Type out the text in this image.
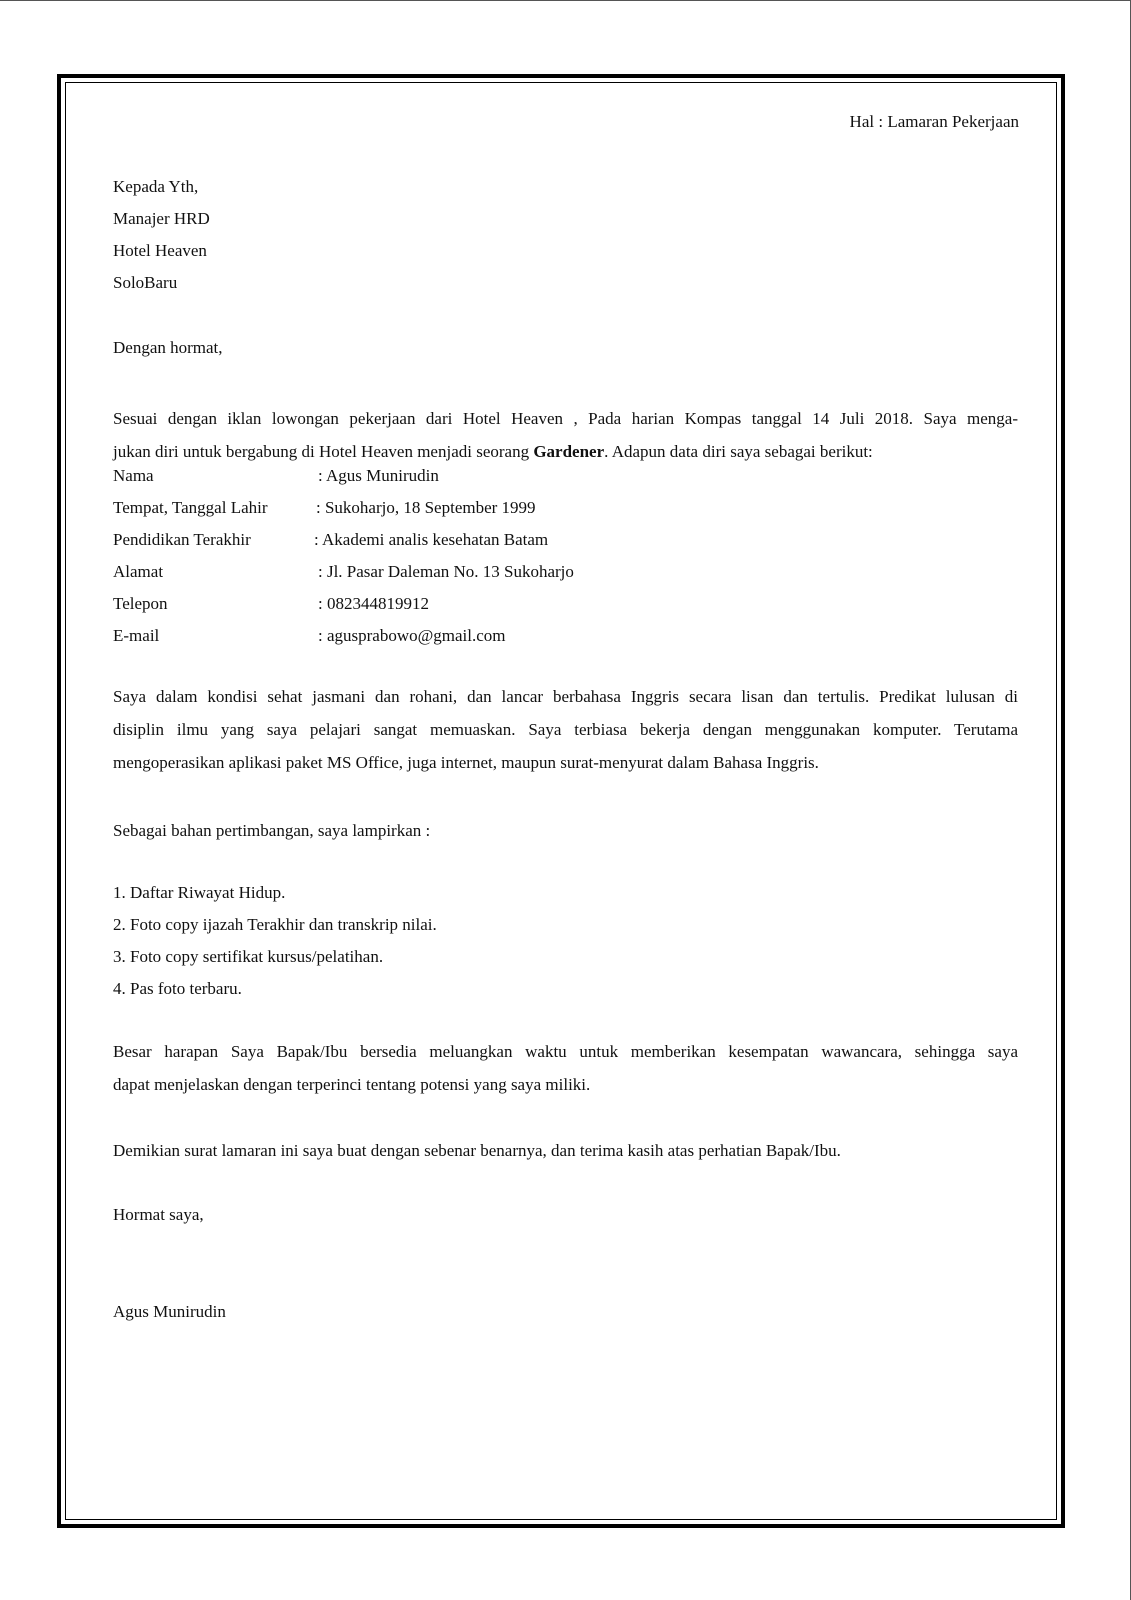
Hal : Lamaran Pekerjaan
Kepada Yth,
Manajer HRD
Hotel Heaven
SoloBaru
Dengan hormat,
Sesuai dengan iklan lowongan pekerjaan dari Hotel Heaven , Pada harian Kompas tanggal 14 Juli 2018. Saya menga-
jukan diri untuk bergabung di Hotel Heaven menjadi seorang Gardener. Adapun data diri saya sebagai berikut:
Nama	: Agus Munirudin
Tempat, Tanggal Lahir	: Sukoharjo, 18 September 1999
Pendidikan Terakhir	: Akademi analis kesehatan Batam
Alamat	: Jl. Pasar Daleman No. 13 Sukoharjo
Telepon	: 082344819912
E-mail	: agusprabowo@gmail.com
Saya dalam kondisi sehat jasmani dan rohani, dan lancar berbahasa Inggris secara lisan dan tertulis. Predikat lulusan di
disiplin ilmu yang saya pelajari sangat memuaskan. Saya terbiasa bekerja dengan menggunakan komputer. Terutama
mengoperasikan aplikasi paket MS Office, juga internet, maupun surat-menyurat dalam Bahasa Inggris.
Sebagai bahan pertimbangan, saya lampirkan :
1. Daftar Riwayat Hidup.
2. Foto copy ijazah Terakhir dan transkrip nilai.
3. Foto copy sertifikat kursus/pelatihan.
4. Pas foto terbaru.
Besar harapan Saya Bapak/Ibu bersedia meluangkan waktu untuk memberikan kesempatan wawancara, sehingga saya
dapat menjelaskan dengan terperinci tentang potensi yang saya miliki.
Demikian surat lamaran ini saya buat dengan sebenar benarnya, dan terima kasih atas perhatian Bapak/Ibu.
Hormat saya,
Agus Munirudin
